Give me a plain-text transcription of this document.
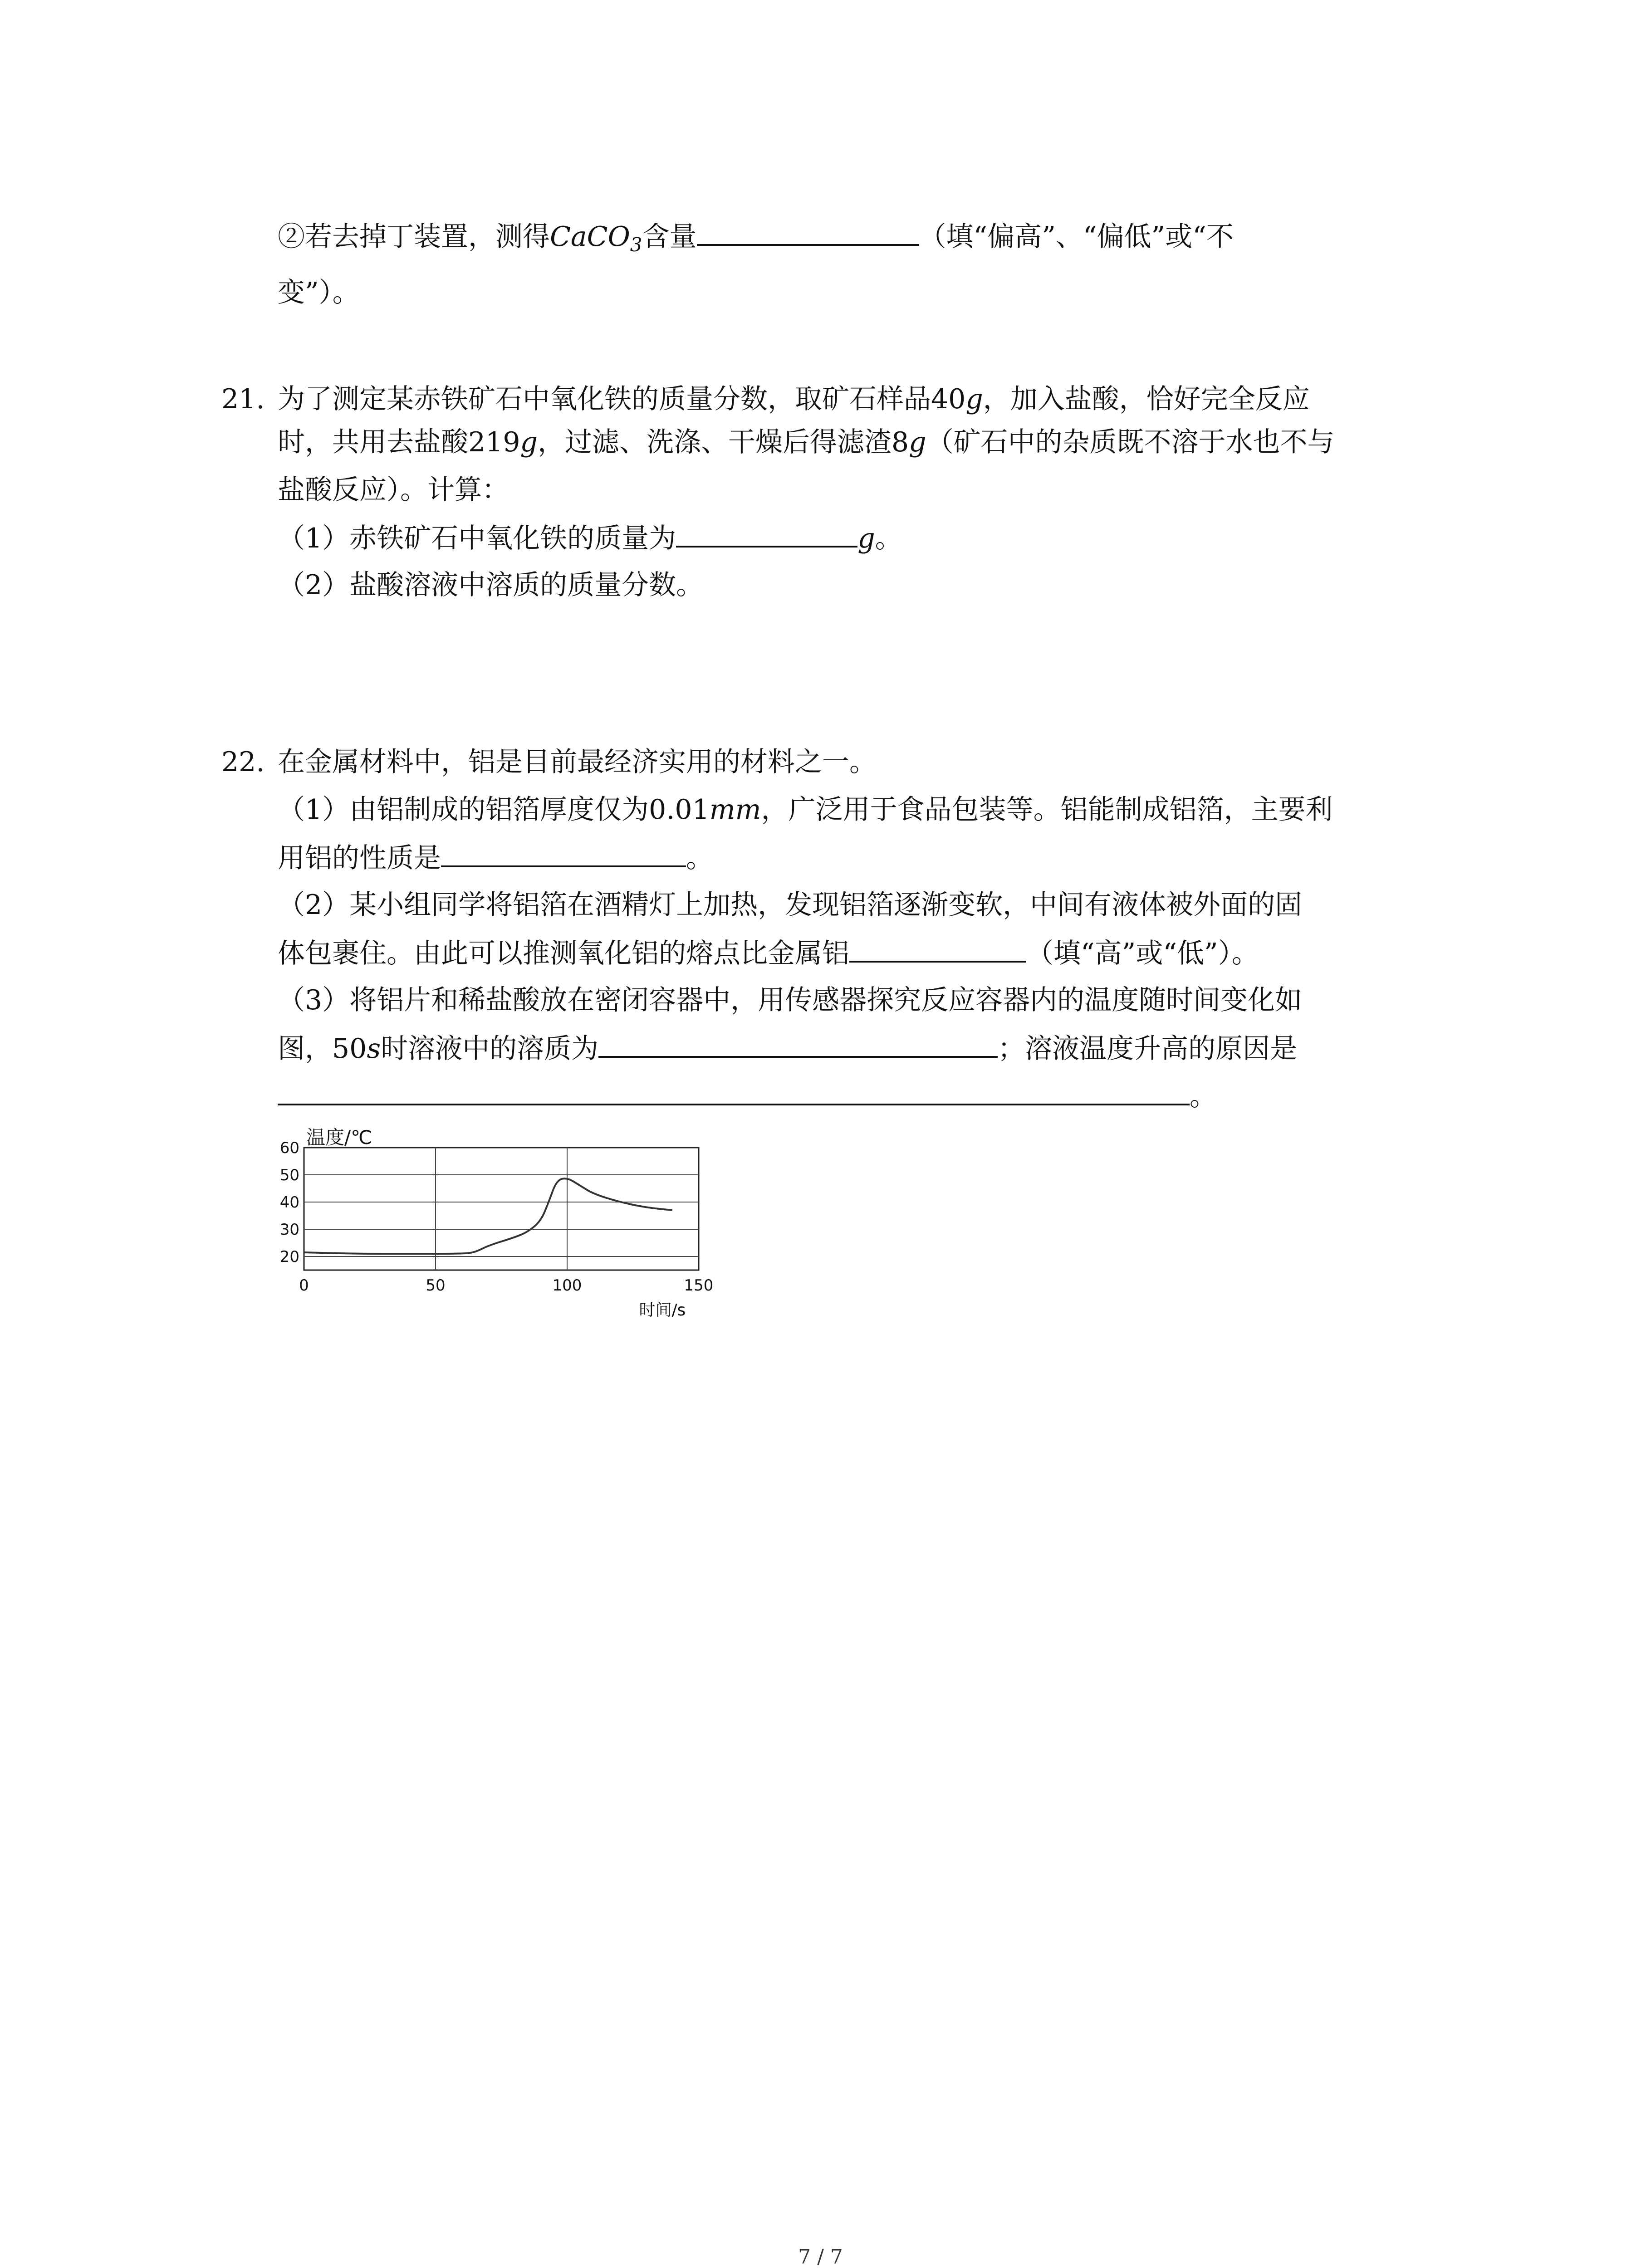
②若去掉丁装置，测得CaCO$_3$含量	（填“偏高”、“偏低”或“不
变”）。
21. 为了测定某赤铁矿石中氧化铁的质量分数，取矿石样品40g，加入盐酸，恰好完全反应
时，共用去盐酸219g，过滤、洗涤、干燥后得滤渣8g（矿石中的杂质既不溶于水也不与
盐酸反应）。计算：
（1）赤铁矿石中氧化铁的质量为	g。
（2）盐酸溶液中溶质的质量分数。
22. 在金属材料中，铝是目前最经济实用的材料之一。
（1）由铝制成的铝箔厚度仅为0.01mm，广泛用于食品包装等。铝能制成铝箔，主要利
用铝的性质是	。
（2）某小组同学将铝箔在酒精灯上加热，发现铝箔逐渐变软，中间有液体被外面的固
体包裹住。由此可以推测氧化铝的熔点比金属铝	（填“高”或“低”）。
（3）将铝片和稀盐酸放在密闭容器中，用传感器探究反应容器内的温度随时间变化如
图，50s时溶液中的溶质为	；溶液温度升高的原因是
。
20
30
40
50
60
0	50	100	150
温度/℃
时间/s
7 / 7
